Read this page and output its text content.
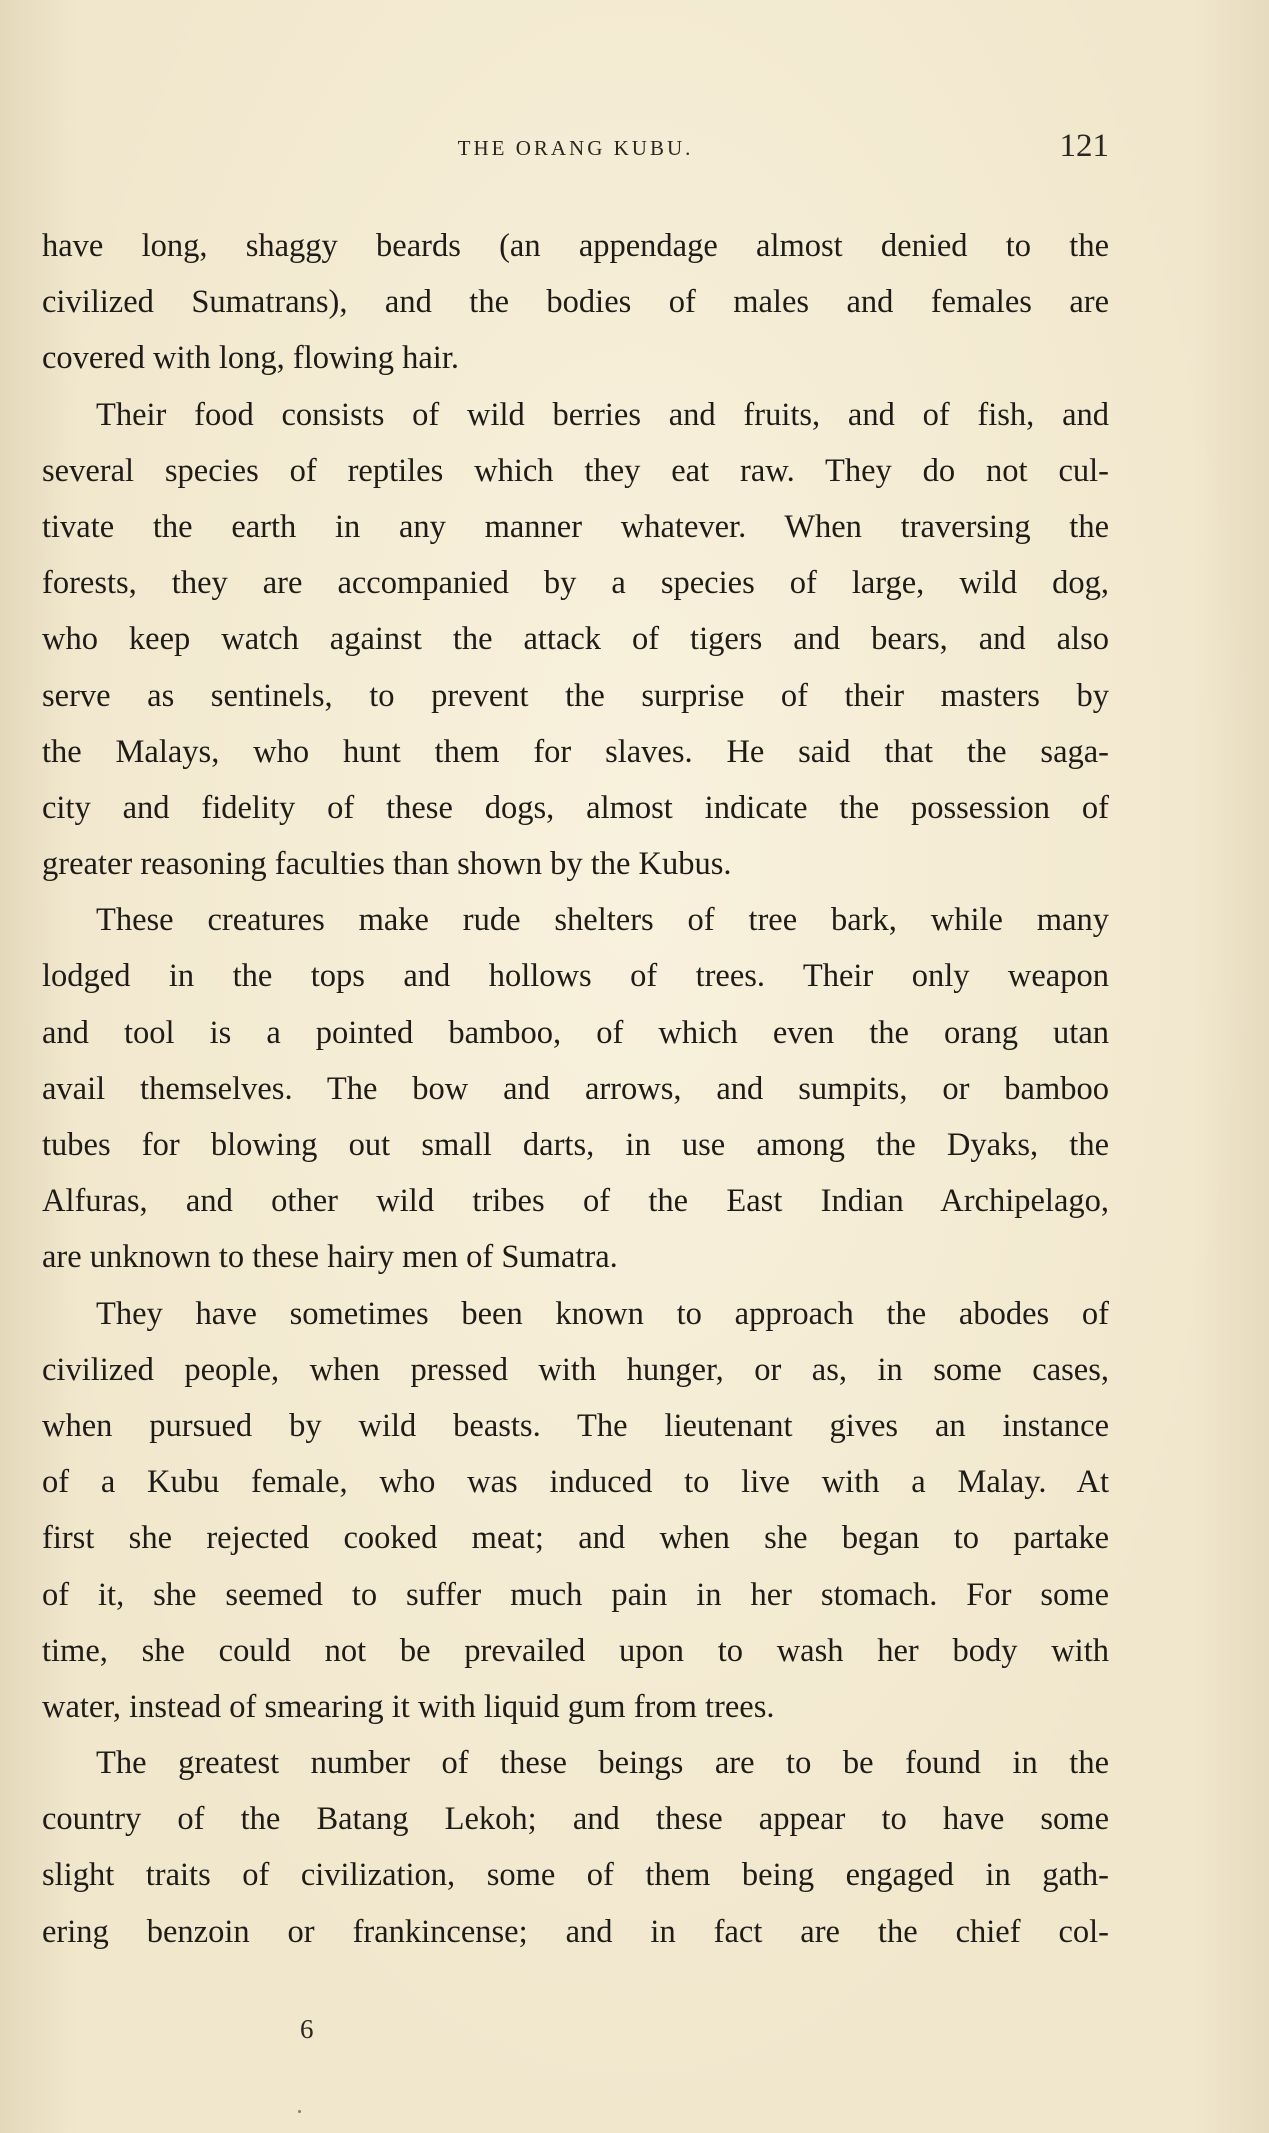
THE ORANG KUBU.	121
have long, shaggy beards (an appendage almost denied to the
civilized Sumatrans), and the bodies of males and females are
covered with long, flowing hair.
Their food consists of wild berries and fruits, and of fish, and
several species of reptiles which they eat raw. They do not cul-
tivate the earth in any manner whatever. When traversing the
forests, they are accompanied by a species of large, wild dog,
who keep watch against the attack of tigers and bears, and also
serve as sentinels, to prevent the surprise of their masters by
the Malays, who hunt them for slaves. He said that the saga-
city and fidelity of these dogs, almost indicate the possession of
greater reasoning faculties than shown by the Kubus.
These creatures make rude shelters of tree bark, while many
lodged in the tops and hollows of trees. Their only weapon
and tool is a pointed bamboo, of which even the orang utan
avail themselves. The bow and arrows, and sumpits, or bamboo
tubes for blowing out small darts, in use among the Dyaks, the
Alfuras, and other wild tribes of the East Indian Archipelago,
are unknown to these hairy men of Sumatra.
They have sometimes been known to approach the abodes of
civilized people, when pressed with hunger, or as, in some cases,
when pursued by wild beasts. The lieutenant gives an instance
of a Kubu female, who was induced to live with a Malay. At
first she rejected cooked meat; and when she began to partake
of it, she seemed to suffer much pain in her stomach. For some
time, she could not be prevailed upon to wash her body with
water, instead of smearing it with liquid gum from trees.
The greatest number of these beings are to be found in the
country of the Batang Lekoh; and these appear to have some
slight traits of civilization, some of them being engaged in gath-
ering benzoin or frankincense; and in fact are the chief col-
6
